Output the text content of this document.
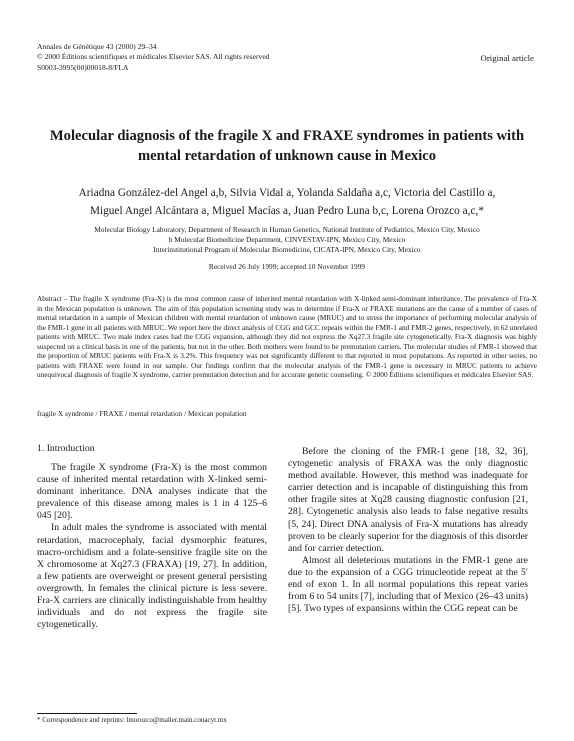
Annales de Génétique 43 (2000) 29–34
© 2000 Éditions scientifiques et médicales Elsevier SAS. All rights reserved
S0003-3995(00)00018-8/FLA
Original article
Molecular diagnosis of the fragile X and FRAXE syndromes in patients with
mental retardation of unknown cause in Mexico
Ariadna González-del Angel a,b, Silvia Vidal a, Yolanda Saldaña a,c, Victoria del Castillo a,
Miguel Angel Alcántara a, Miguel Macías a, Juan Pedro Luna b,c, Lorena Orozco a,c,*
Molecular Biology Laboratory, Department of Research in Human Genetics, National Institute of Pediatrics, Mexico City, Mexico
b Molecular Biomedicine Department, CINVESTAV-IPN, Mexico City, Mexico
Interinstitutional Program of Molecular Biomedicine, CICATA-IPN, Mexico City, Mexico
Received 26 July 1999; accepted 10 November 1999
Abstract – The fragile X syndrome (Fra-X) is the most common cause of inherited mental retardation with X-linked semi-dominant inheritance. The prevalence of Fra-X in the Mexican population is unknown. The aim of this population screening study was to determine if Fra-X or FRAXE mutations are the cause of a number of cases of mental retardation in a sample of Mexican children with mental retardation of unknown cause (MRUC) and to stress the importance of performing molecular analysis of the FMR-1 gene in all patients with MRUC. We report here the direct analysis of CGG and GCC repeats within the FMR-1 and FMR-2 genes, respectively, in 62 unrelated patients with MRUC. Two male index cases had the CGG expansion, although they did not express the Xq27.3 fragile site cytogenetically. Fra-X diagnosis was highly suspected on a clinical basis in one of the patients, but not in the other. Both mothers were found to be premutation carriers. The molecular studies of FMR-1 showed that the proportion of MRUC patients with Fra-X is 3.2%. This frequency was not significantly different to that reported in most populations. As reported in other series, no patients with FRAXE were found in our sample. Our findings confirm that the molecular analysis of the FMR-1 gene is necessary in MRUC patients to achieve unequivocal diagnosis of fragile X syndrome, carrier premutation detection and for accurate genetic counseling. © 2000 Éditions scientifiques et médicales Elsevier SAS.
fragile X syndrome / FRAXE / mental retardation / Mexican population
1. Introduction

The fragile X syndrome (Fra-X) is the most common cause of inherited mental retardation with X-linked semi-dominant inheritance. DNA analyses indicate that the prevalence of this disease among males is 1 in 4 125–6 045 [20].

In adult males the syndrome is associated with mental retardation, macrocephaly, facial dysmorphic features, macro-orchidism and a folate-sensitive fragile site on the X chromosome at Xq27.3 (FRAXA) [19, 27]. In addition, a few patients are overweight or present general persisting overgrowth. In females the clinical picture is less severe. Fra-X carriers are clinically indistinguishable from healthy individuals and do not express the fragile site cytogenetically.

Before the cloning of the FMR-1 gene [18, 32, 36], cytogenetic analysis of FRAXA was the only diagnostic method available. However, this method was inadequate for carrier detection and is incapable of distinguishing this from other fragile sites at Xq28 causing diagnostic confusion [21, 28]. Cytogenetic analysis also leads to false negative results [5, 24]. Direct DNA analysis of Fra-X mutations has already proven to be clearly superior for the diagnosis of this disorder and for carrier detection.

Almost all deleterious mutations in the FMR-1 gene are due to the expansion of a CGG trinucleotide repeat at the 5′ end of exon 1. In all normal populations this repeat varies from 6 to 54 units [7], including that of Mexico (26–43 units) [5]. Two types of expansions within the CGG repeat can be

* Correspondence and reprints: lmorozco@mailer.main.conacyt.mx
